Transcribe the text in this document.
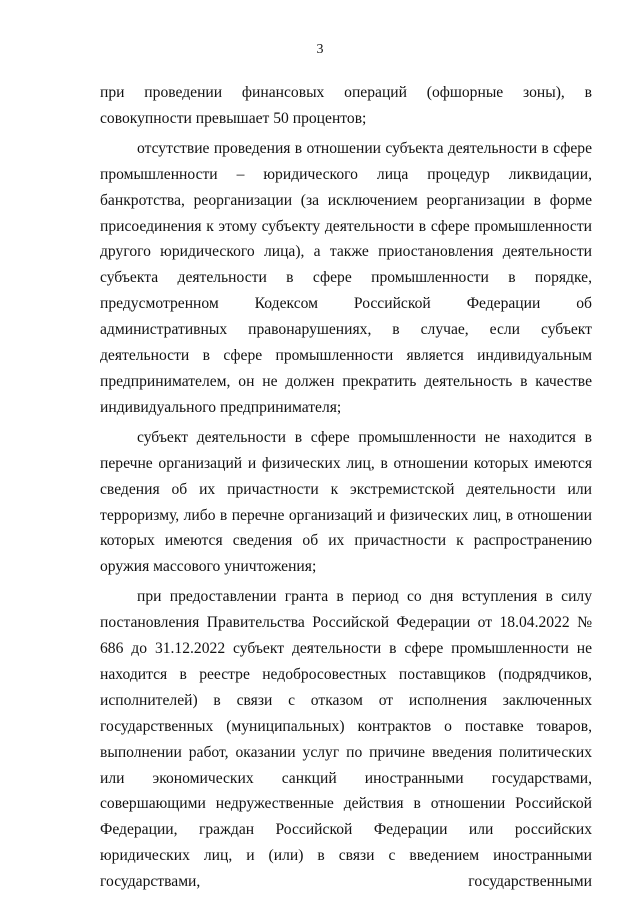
3

при проведении финансовых операций (офшорные зоны), в совокупности превышает 50 процентов;

отсутствие проведения в отношении субъекта деятельности в сфере промышленности – юридического лица процедур ликвидации, банкротства, реорганизации (за исключением реорганизации в форме присоединения к этому субъекту деятельности в сфере промышленности другого юридического лица), а также приостановления деятельности субъекта деятельности в сфере промышленности в порядке, предусмотренном Кодексом Российской Федерации об административных правонарушениях, в случае, если субъект деятельности в сфере промышленности является индивидуальным предпринимателем, он не должен прекратить деятельность в качестве индивидуального предпринимателя;

субъект деятельности в сфере промышленности не находится в перечне организаций и физических лиц, в отношении которых имеются сведения об их причастности к экстремистской деятельности или терроризму, либо в перечне организаций и физических лиц, в отношении которых имеются сведения об их причастности к распространению оружия массового уничтожения;

при предоставлении гранта в период со дня вступления в силу постановления Правительства Российской Федерации от 18.04.2022 № 686 до 31.12.2022 субъект деятельности в сфере промышленности не находится в реестре недобросовестных поставщиков (подрядчиков, исполнителей) в связи с отказом от исполнения заключенных государственных (муниципальных) контрактов о поставке товаров, выполнении работ, оказании услуг по причине введения политических или экономических санкций иностранными государствами, совершающими недружественные действия в отношении Российской Федерации, граждан Российской Федерации или российских юридических лиц, и (или) в связи с введением иностранными государствами, государственными
